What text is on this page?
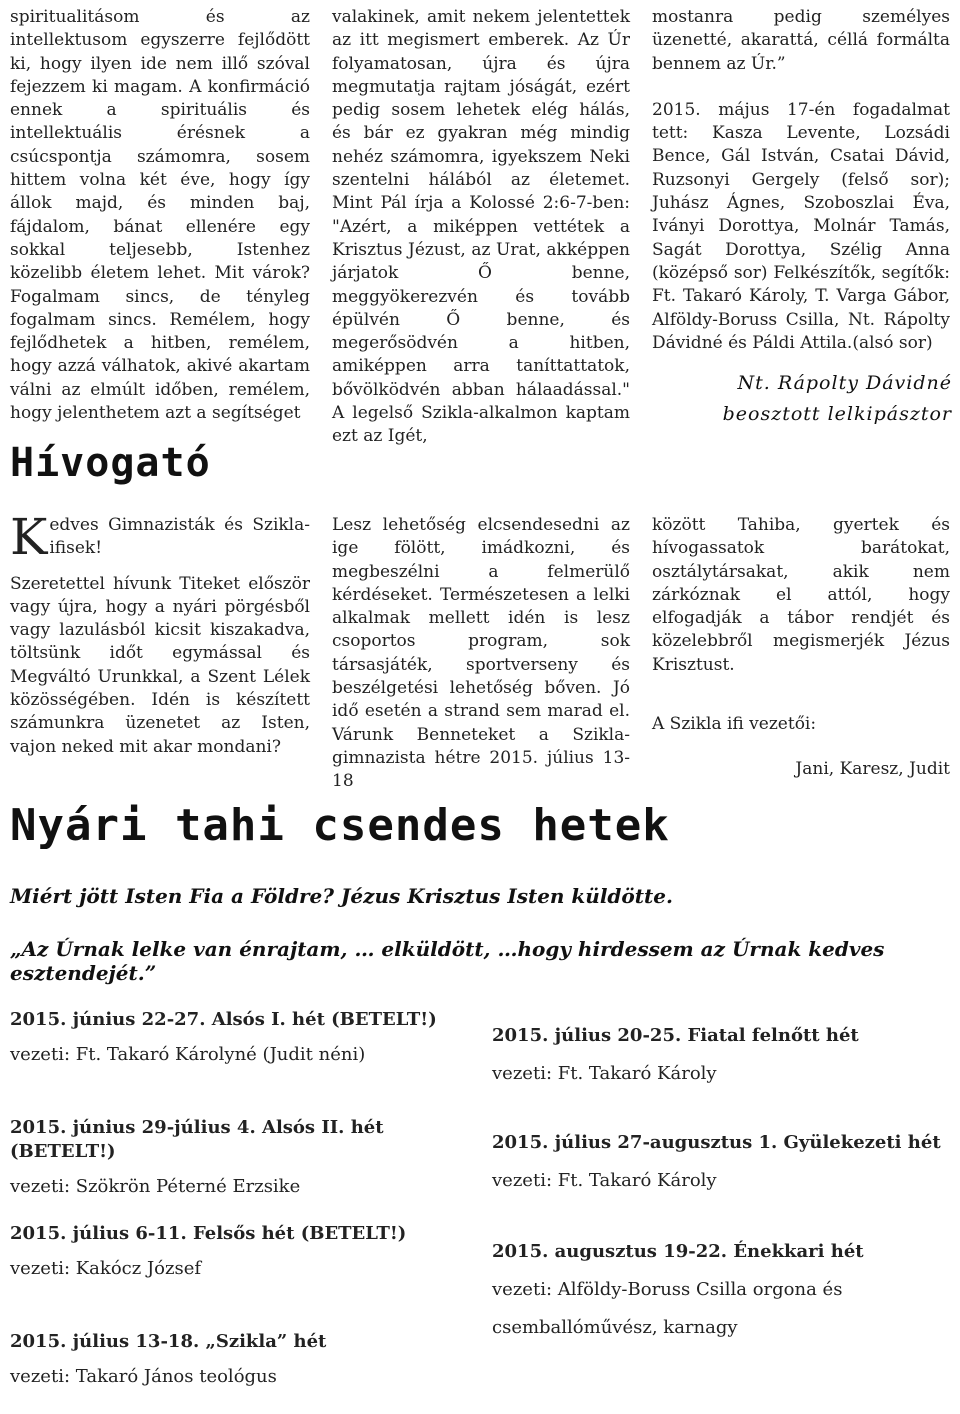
spiritualitásom és az intellektusom egyszerre fejlődött ki, hogy ilyen ide nem illő szóval fejezzem ki magam. A konfirmáció ennek a spirituális és intellektuális érésnek a csúcspontja számomra, sosem hittem volna két éve, hogy így állok majd, és minden baj, fájdalom, bánat ellenére egy sokkal teljesebb, Istenhez közelibb életem lehet. Mit várok? Fogalmam sincs, de tényleg fogalmam sincs. Remélem, hogy fejlődhetek a hitben, remélem, hogy azzá válhatok, akivé akartam válni az elmúlt időben, remélem, hogy jelenthetem azt a segítséget

valakinek, amit nekem jelentettek az itt megismert emberek. Az Úr folyamatosan, újra és újra megmutatja rajtam jóságát, ezért pedig sosem lehetek elég hálás, és bár ez gyakran még mindig nehéz számomra, igyekszem Neki szentelni hálából az életemet. Mint Pál írja a Kolossé 2:6-7-ben: "Azért, a miképpen vettétek a Krisztus Jézust, az Urat, akképpen járjatok Ő benne, meggyökerezvén és tovább épülvén Ő benne, és megerősödvén a hitben, amiképpen arra taníttattatok, bővölködvén abban hálaadással." A legelső Szikla-alkalmon kaptam ezt az Igét,

mostanra pedig személyes üzenetté, akarattá, céllá formálta bennem az Úr.”

2015. május 17-én fogadalmat tett: Kasza Levente, Lozsádi Bence, Gál István, Csatai Dávid, Ruzsonyi Gergely (felső sor); Juhász Ágnes, Szoboszlai Éva, Iványi Dorottya, Molnár Tamás, Sagát Dorottya, Szélig Anna (középső sor) Felkészítők, segítők: Ft. Takaró Károly, T. Varga Gábor, Alföldy-Boruss Csilla, Nt. Rápolty Dávidné és Páldi Attila.(alsó sor)

Nt. Rápolty Dávidné
beosztott lelkipásztor
Hívogató

Kedves Gimnazisták és Szikla-ifisek!

Szeretettel hívunk Titeket először vagy újra, hogy a nyári pörgésből vagy lazulásból kicsit kiszakadva, töltsünk időt egymással és Megváltó Urunkkal, a Szent Lélek közösségében. Idén is készített számunkra üzenetet az Isten, vajon neked mit akar mondani?

Lesz lehetőség elcsendesedni az ige fölött, imádkozni, és megbeszélni a felmerülő kérdéseket. Természetesen a lelki alkalmak mellett idén is lesz csoportos program, sok társasjáték, sportverseny és beszélgetési lehetőség bőven. Jó idő esetén a strand sem marad el. Várunk Benneteket a Szikla-gimnazista hétre 2015. július 13-18

között Tahiba, gyertek és hívogassatok barátokat, osztálytársakat, akik nem zárkóznak el attól, hogy elfogadják a tábor rendjét és közelebbről megismerjék Jézus Krisztust.

A Szikla ifi vezetői:

Jani, Karesz, Judit

Nyári tahi csendes hetek
Miért jött Isten Fia a Földre? Jézus Krisztus Isten küldötte.
„Az Úrnak lelke van énrajtam, … elküldött, …hogy hirdessem az Úrnak kedves esztendejét.”
2015. június 22-27. Alsós I. hét (BETELT!)
vezeti: Ft. Takaró Károlyné (Judit néni)
2015. június 29-július 4. Alsós II. hét (BETELT!)
vezeti: Szökrön Péterné Erzsike
2015. július 6-11. Felsős hét (BETELT!)
vezeti: Kakócz József
2015. július 13-18. „Szikla” hét
vezeti: Takaró János teológus
2015. július 20-25. Fiatal felnőtt hét
vezeti: Ft. Takaró Károly
2015. július 27-augusztus 1. Gyülekezeti hét
vezeti: Ft. Takaró Károly
2015. augusztus 19-22. Énekkari hét
vezeti: Alföldy-Boruss Csilla orgona és
csemballóművész, karnagy
